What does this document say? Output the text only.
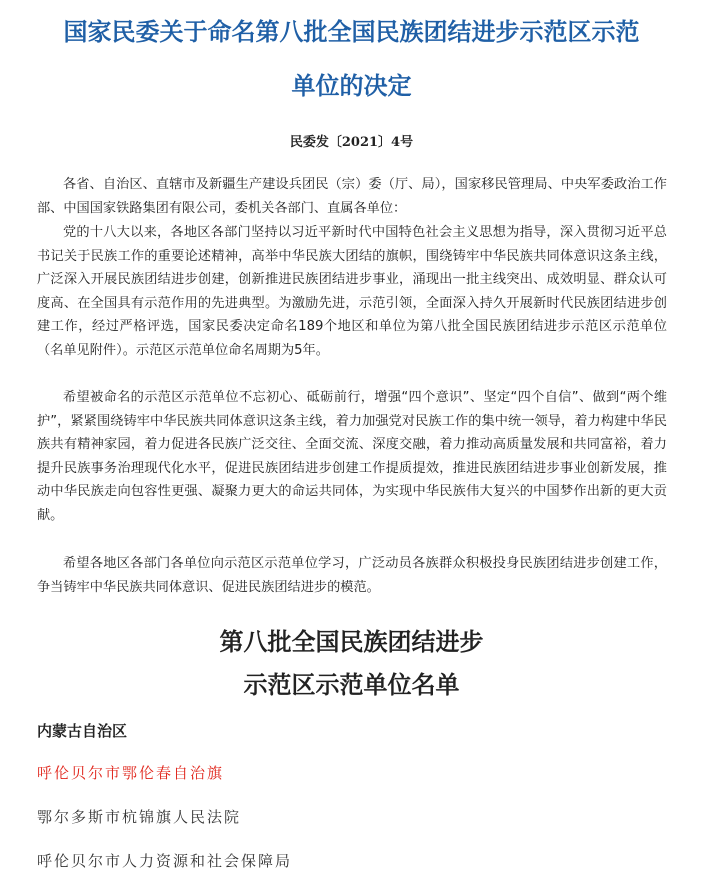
国家民委关于命名第八批全国民族团结进步示范区示范
单位的决定
民委发〔2021〕4号

各省、自治区、直辖市及新疆生产建设兵团民（宗）委（厅、局），国家移民管理局、中央军委政治工作部、中国国家铁路集团有限公司，委机关各部门、直属各单位：

党的十八大以来，各地区各部门坚持以习近平新时代中国特色社会主义思想为指导，深入贯彻习近平总书记关于民族工作的重要论述精神，高举中华民族大团结的旗帜，围绕铸牢中华民族共同体意识这条主线，广泛深入开展民族团结进步创建，创新推进民族团结进步事业，涌现出一批主线突出、成效明显、群众认可度高、在全国具有示范作用的先进典型。为激励先进，示范引领，全面深入持久开展新时代民族团结进步创建工作，经过严格评选，国家民委决定命名189个地区和单位为第八批全国民族团结进步示范区示范单位（名单见附件）。示范区示范单位命名周期为5年。

希望被命名的示范区示范单位不忘初心、砥砺前行，增强“四个意识”、坚定“四个自信”、做到“两个维护”，紧紧围绕铸牢中华民族共同体意识这条主线，着力加强党对民族工作的集中统一领导，着力构建中华民族共有精神家园，着力促进各民族广泛交往、全面交流、深度交融，着力推动高质量发展和共同富裕，着力提升民族事务治理现代化水平，促进民族团结进步创建工作提质提效，推进民族团结进步事业创新发展，推动中华民族走向包容性更强、凝聚力更大的命运共同体，为实现中华民族伟大复兴的中国梦作出新的更大贡献。

希望各地区各部门各单位向示范区示范单位学习，广泛动员各族群众积极投身民族团结进步创建工作，争当铸牢中华民族共同体意识、促进民族团结进步的模范。

第八批全国民族团结进步
示范区示范单位名单
内蒙古自治区

呼伦贝尔市鄂伦春自治旗

鄂尔多斯市杭锦旗人民法院

呼伦贝尔市人力资源和社会保障局
